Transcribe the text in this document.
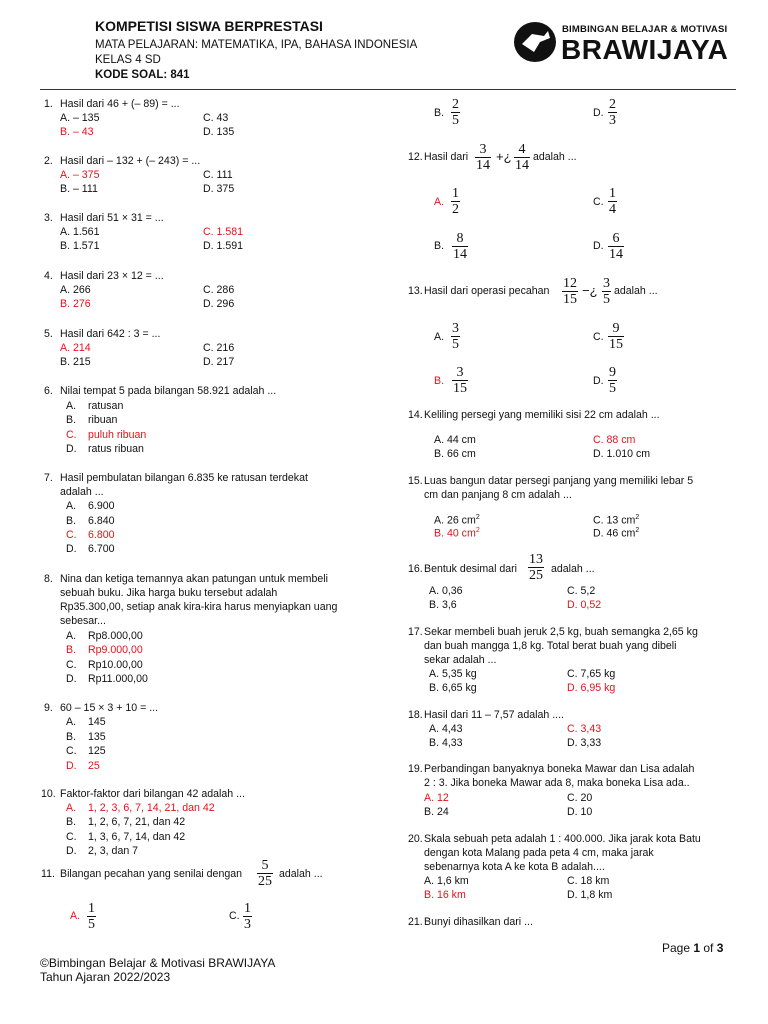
KOMPETISI SISWA BERPRESTASI
MATA PELAJARAN: MATEMATIKA, IPA, BAHASA INDONESIA
KELAS 4 SD
KODE SOAL: 841
BIMBINGAN BELAJAR & MOTIVASI
BRAWIJAYA
1. Hasil dari 46 + (– 89) = ...
A. – 135
B. – 43
C. 43
D. 135
2. Hasil dari – 132 + (– 243) = ...
A. – 375
B. – 111
C. 111
D. 375
3. Hasil dari 51 × 31 = ...
A. 1.561
B. 1.571
C. 1.581
D. 1.591
4. Hasil dari 23 × 12 = ...
A. 266
B. 276
C. 286
D. 296
5. Hasil dari 642 : 3 = ...
A. 214
B. 215
C. 216
D. 217
6. Nilai tempat 5 pada bilangan 58.921 adalah ...
A. ratusan
B. ribuan
C. puluh ribuan
D. ratus ribuan
7. Hasil pembulatan bilangan 6.835 ke ratusan terdekat
adalah ...
A. 6.900
B. 6.840
C. 6.800
D. 6.700
8. Nina dan ketiga temannya akan patungan untuk membeli
sebuah buku. Jika harga buku tersebut adalah
Rp35.300,00, setiap anak kira-kira harus menyiapkan uang
sebesar...
A. Rp8.000,00
B. Rp9.000,00
C. Rp10.00,00
D. Rp11.000,00
9. 60 – 15 × 3 + 10 = ...
A. 145
B. 135
C. 125
D. 25
10. Faktor-faktor dari bilangan 42 adalah ...
A. 1, 2, 3, 6, 7, 14, 21, dan 42
B. 1, 2, 6, 7, 21, dan 42
C. 1, 3, 6, 7, 14, dan 42
D. 2, 3, dan 7
11. Bilangan pecahan yang senilai dengan $\frac{5}{25}$ adalah ...
A. $\frac{1}{5}$	C. $\frac{1}{3}$
B. $\frac{2}{5}$	D. $\frac{2}{3}$
12. Hasil dari $\frac{3}{14}$ +¿ $\frac{4}{14}$ adalah ...
A. $\frac{1}{2}$	C. $\frac{1}{4}$
B. $\frac{8}{14}$	D. $\frac{6}{14}$
13. Hasil dari operasi pecahan $\frac{12}{15}$ −¿ $\frac{3}{5}$ adalah ...
A. $\frac{3}{5}$	C. $\frac{9}{15}$
B. $\frac{3}{15}$	D. $\frac{9}{5}$
14. Keliling persegi yang memiliki sisi 22 cm adalah ...
A. 44 cm
B. 66 cm
C. 88 cm
D. 1.010 cm
15. Luas bangun datar persegi panjang yang memiliki lebar 5
cm dan panjang 8 cm adalah ...
A. 26 $cm^2$
B. 40 $cm^2$
C. 13 $cm^2$
D. 46 $cm^2$
16. Bentuk desimal dari $\frac{13}{25}$ adalah ...
A. 0,36
B. 3,6
C. 5,2
D. 0,52
17. Sekar membeli buah jeruk 2,5 kg, buah semangka 2,65 kg
dan buah mangga 1,8 kg. Total berat buah yang dibeli
sekar adalah ...
A. 5,35 kg
B. 6,65 kg
C. 7,65 kg
D. 6,95 kg
18. Hasil dari 11 – 7,57 adalah ....
A. 4,43
B. 4,33
C. 3,43
D. 3,33
19. Perbandingan banyaknya boneka Mawar dan Lisa adalah
2 : 3. Jika boneka Mawar ada 8, maka boneka Lisa ada..
A. 12
B. 24
C. 20
D. 10
20. Skala sebuah peta adalah 1 : 400.000. Jika jarak kota Batu
dengan kota Malang pada peta 4 cm, maka jarak
sebenarnya kota A ke kota B adalah....
A. 1,6 km
B. 16 km
C. 18 km
D. 1,8 km
21. Bunyi dihasilkan dari ...
Page 1 of 3
©Bimbingan Belajar & Motivasi BRAWIJAYA
Tahun Ajaran 2022/2023
